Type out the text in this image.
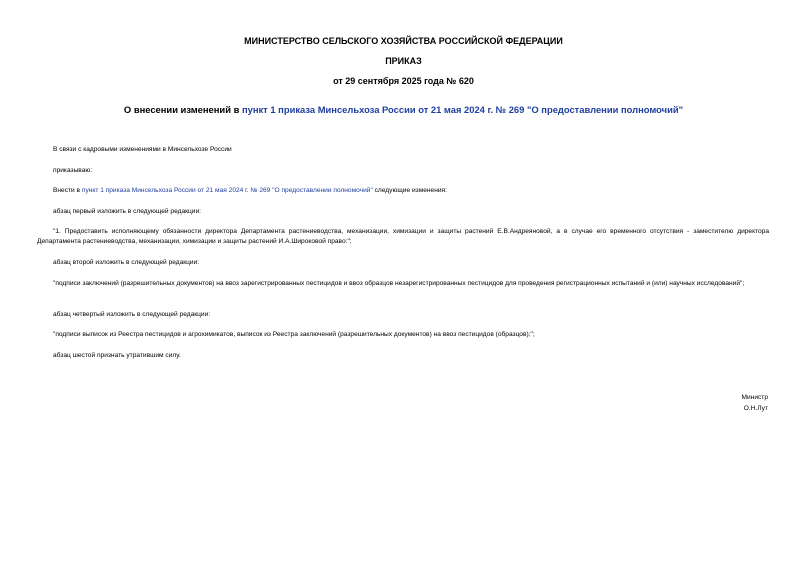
МИНИСТЕРСТВО СЕЛЬСКОГО ХОЗЯЙСТВА РОССИЙСКОЙ ФЕДЕРАЦИИ
ПРИКАЗ
от 29 сентября 2025 года № 620
О внесении изменений в пункт 1 приказа Минсельхоза России от 21 мая 2024 г. № 269 "О предоставлении полномочий"
В связи с кадровыми изменениями в Минсельхозе России
приказываю:
Внести в пункт 1 приказа Минсельхоза России от 21 мая 2024 г. № 269 "О предоставлении полномочий" следующие изменения:
абзац первый изложить в следующей редакции:
"1. Предоставить исполняющему обязанности директора Департамента растениеводства, механизации, химизации и защиты растений Е.В.Андреяновой, а в случае его временного отсутствия - заместителю директора Департамента растениеводства, механизации, химизации и защиты растений И.А.Широковой право:";
абзац второй изложить в следующей редакции:
"подписи заключений (разрешительных документов) на ввоз зарегистрированных пестицидов и ввоз образцов незарегистрированных пестицидов для проведения регистрационных испытаний и (или) научных исследований";
абзац четвертый изложить в следующей редакции:
"подписи выписок из Реестра пестицидов и агрохимикатов, выписок из Реестра заключений (разрешительных документов) на ввоз пестицидов (образцов);";
абзац шестой признать утратившим силу.
Министр
О.Н.Лут
